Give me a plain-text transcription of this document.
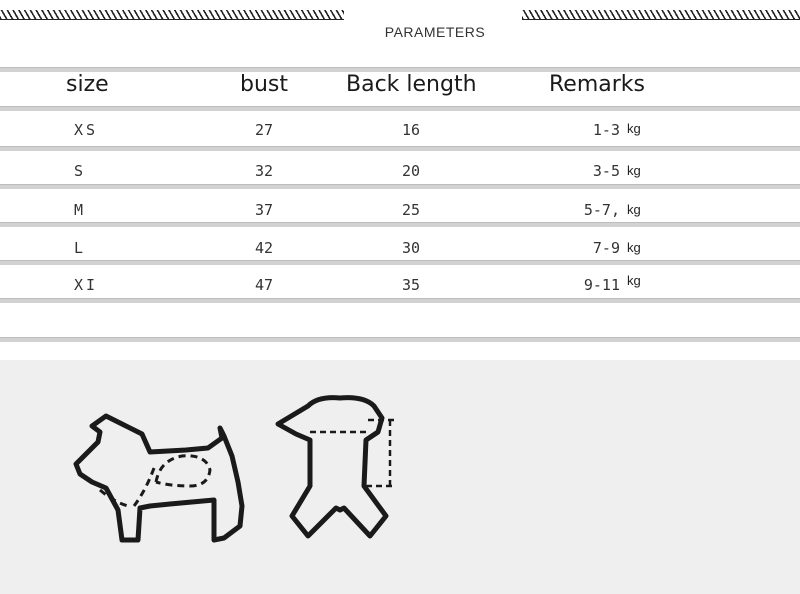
PARAMETERS
size	bust	Back length	Remarks
XS	27	16	1-3 kg
S	32	20	3-5 kg
M	37	25	5-7, kg
L	42	30	7-9 kg
XI	47	35	9-11 kg
